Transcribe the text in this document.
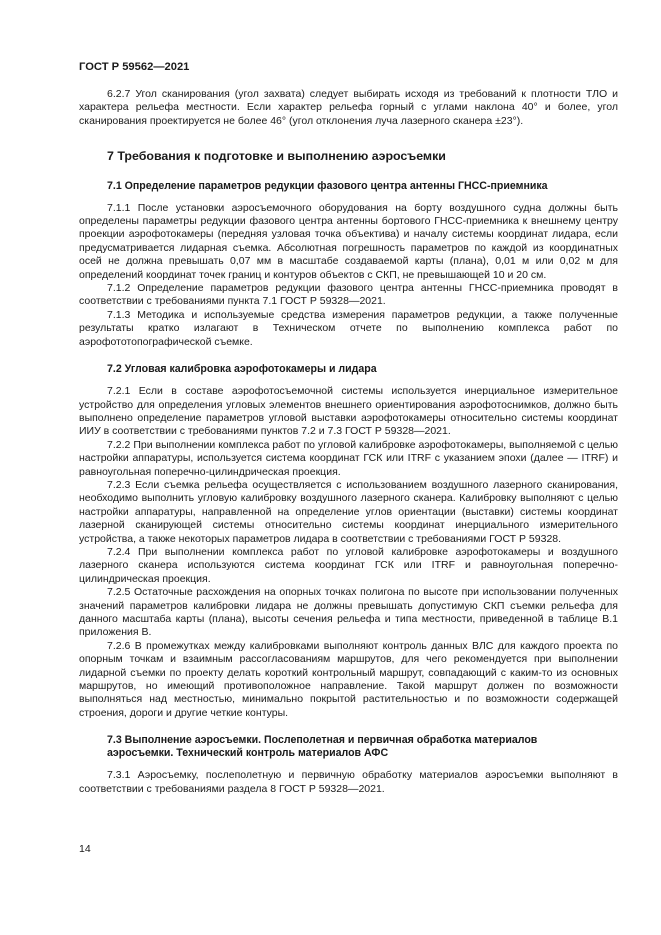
ГОСТ Р 59562—2021

6.2.7 Угол сканирования (угол захвата) следует выбирать исходя из требований к плотности ТЛО и характера рельефа местности. Если характер рельефа горный с углами наклона 40° и более, угол сканирования проектируется не более 46° (угол отклонения луча лазерного сканера ±23°).

7 Требования к подготовке и выполнению аэросъемки
7.1 Определение параметров редукции фазового центра антенны ГНСС-приемника

7.1.1 После установки аэросъемочного оборудования на борту воздушного судна должны быть определены параметры редукции фазового центра антенны бортового ГНСС-приемника к внешнему центру проекции аэрофотокамеры (передняя узловая точка объектива) и началу системы координат лидара, если предусматривается лидарная съемка. Абсолютная погрешность параметров по каждой из координатных осей не должна превышать 0,07 мм в масштабе создаваемой карты (плана), 0,01 м или 0,02 м для определений координат точек границ и контуров объектов с СКП, не превышающей 10 и 20 см.

7.1.2 Определение параметров редукции фазового центра антенны ГНСС-приемника проводят в соответствии с требованиями пункта 7.1 ГОСТ Р 59328—2021.

7.1.3 Методика и используемые средства измерения параметров редукции, а также полученные результаты кратко излагают в Техническом отчете по выполнению комплекса работ по аэрофототопографической съемке.

7.2 Угловая калибровка аэрофотокамеры и лидара

7.2.1 Если в составе аэрофотосъемочной системы используется инерциальное измерительное устройство для определения угловых элементов внешнего ориентирования аэрофотоснимков, должно быть выполнено определение параметров угловой выставки аэрофотокамеры относительно системы координат ИИУ в соответствии с требованиями пунктов 7.2 и 7.3 ГОСТ Р 59328—2021.

7.2.2 При выполнении комплекса работ по угловой калибровке аэрофотокамеры, выполняемой с целью настройки аппаратуры, используется система координат ГСК или ITRF с указанием эпохи (далее — ITRF) и равноугольная поперечно-цилиндрическая проекция.

7.2.3 Если съемка рельефа осуществляется с использованием воздушного лазерного сканирования, необходимо выполнить угловую калибровку воздушного лазерного сканера. Калибровку выполняют с целью настройки аппаратуры, направленной на определение углов ориентации (выставки) системы координат лазерной сканирующей системы относительно системы координат инерциального измерительного устройства, а также некоторых параметров лидара в соответствии с требованиями ГОСТ Р 59328.

7.2.4 При выполнении комплекса работ по угловой калибровке аэрофотокамеры и воздушного лазерного сканера используются система координат ГСК или ITRF и равноугольная поперечно-цилиндрическая проекция.

7.2.5 Остаточные расхождения на опорных точках полигона по высоте при использовании полученных значений параметров калибровки лидара не должны превышать допустимую СКП съемки рельефа для данного масштаба карты (плана), высоты сечения рельефа и типа местности, приведенной в таблице В.1 приложения В.

7.2.6 В промежутках между калибровками выполняют контроль данных ВЛС для каждого проекта по опорным точкам и взаимным рассогласованиям маршрутов, для чего рекомендуется при выполнении лидарной съемки по проекту делать короткий контрольный маршрут, совпадающий с каким-то из основных маршрутов, но имеющий противоположное направление. Такой маршрут должен по возможности выполняться над местностью, минимально покрытой растительностью и по возможности содержащей строения, дороги и другие четкие контуры.

7.3 Выполнение аэросъемки. Послеполетная и первичная обработка материалов
аэросъемки. Технический контроль материалов АФС

7.3.1 Аэросъемку, послеполетную и первичную обработку материалов аэросъемки выполняют в соответствии с требованиями раздела 8 ГОСТ Р 59328—2021.

14
